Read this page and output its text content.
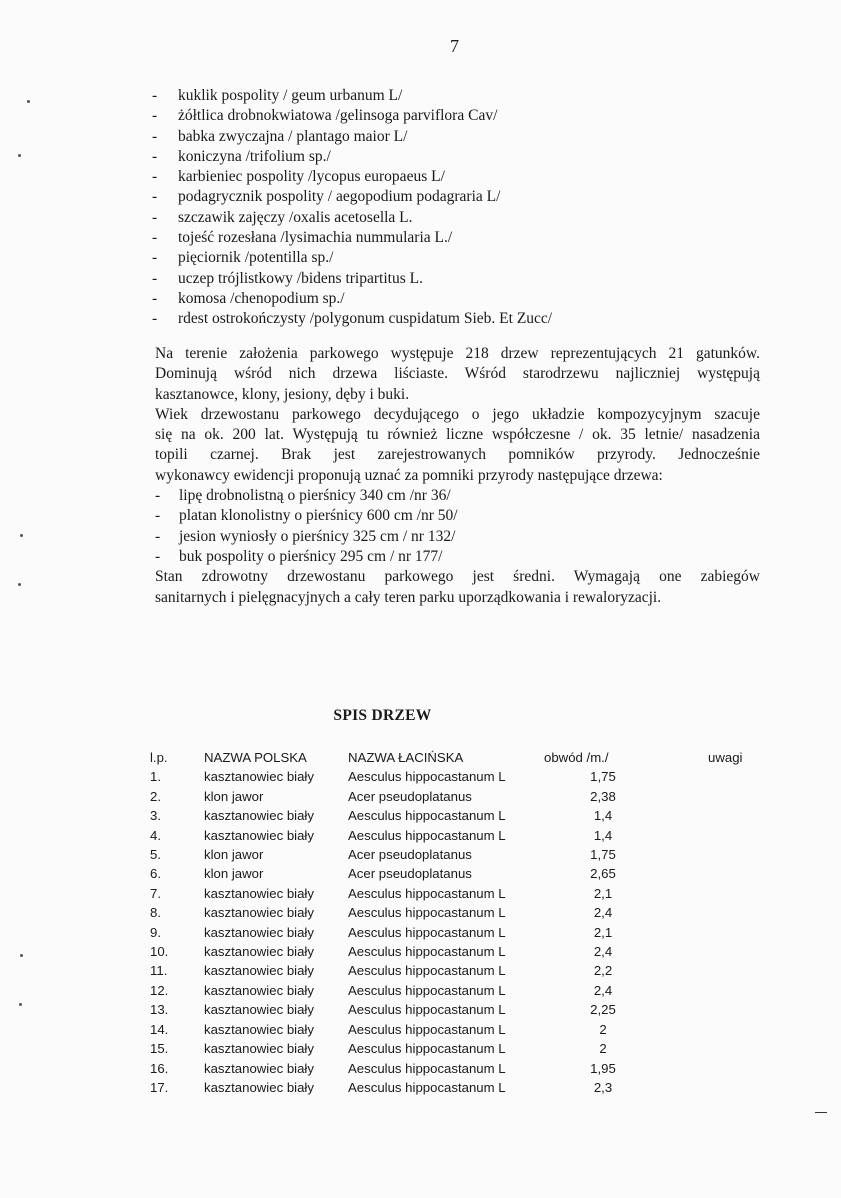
7
- kuklik pospolity / geum urbanum L/
- żółtlica drobnokwiatowa /gelinsoga parviflora Cav/
- babka zwyczajna / plantago maior L/
- koniczyna /trifolium sp./
- karbieniec pospolity /lycopus europaeus L/
- podagrycznik pospolity / aegopodium podagraria L/
- szczawik zajęczy /oxalis acetosella L.
- tojeść rozesłana /lysimachia nummularia L./
- pięciornik /potentilla sp./
- uczep trójlistkowy /bidens tripartitus L.
- komosa /chenopodium sp./
- rdest ostrokończysty /polygonum cuspidatum Sieb. Et Zucc/

Na terenie założenia parkowego występuje 218 drzew reprezentujących 21 gatunków.

Dominują wśród nich drzewa liściaste. Wśród starodrzewu najliczniej występują

kasztanowce, klony, jesiony, dęby i buki.

Wiek drzewostanu parkowego decydującego o jego układzie kompozycyjnym szacuje

się na ok. 200 lat. Występują tu również liczne współczesne / ok. 35 letnie/ nasadzenia

topili czarnej. Brak jest zarejestrowanych pomników przyrody. Jednocześnie

wykonawcy ewidencji proponują uznać za pomniki przyrody następujące drzewa:

- lipę drobnolistną o pierśnicy 340 cm /nr 36/
- platan klonolistny o pierśnicy 600 cm /nr 50/
- jesion wyniosły o pierśnicy 325 cm / nr 132/
- buk pospolity o pierśnicy 295 cm / nr 177/

Stan zdrowotny drzewostanu parkowego jest średni. Wymagają one zabiegów

sanitarnych i pielęgnacyjnych a cały teren parku uporządkowania i rewaloryzacji.

SPIS DRZEW
l.p.	NAZWA POLSKA	NAZWA ŁACIŃSKA	obwód /m./	uwagi
1.	kasztanowiec biały	Aesculus hippocastanum L	1,75	
2.	klon jawor	Acer pseudoplatanus	2,38	
3.	kasztanowiec biały	Aesculus hippocastanum L	1,4	
4.	kasztanowiec biały	Aesculus hippocastanum L	1,4	
5.	klon jawor	Acer pseudoplatanus	1,75	
6.	klon jawor	Acer pseudoplatanus	2,65	
7.	kasztanowiec biały	Aesculus hippocastanum L	2,1	
8.	kasztanowiec biały	Aesculus hippocastanum L	2,4	
9.	kasztanowiec biały	Aesculus hippocastanum L	2,1	
10.	kasztanowiec biały	Aesculus hippocastanum L	2,4	
11.	kasztanowiec biały	Aesculus hippocastanum L	2,2	
12.	kasztanowiec biały	Aesculus hippocastanum L	2,4	
13.	kasztanowiec biały	Aesculus hippocastanum L	2,25	
14.	kasztanowiec biały	Aesculus hippocastanum L	2	
15.	kasztanowiec biały	Aesculus hippocastanum L	2	
16.	kasztanowiec biały	Aesculus hippocastanum L	1,95	
17.	kasztanowiec biały	Aesculus hippocastanum L	2,3	
